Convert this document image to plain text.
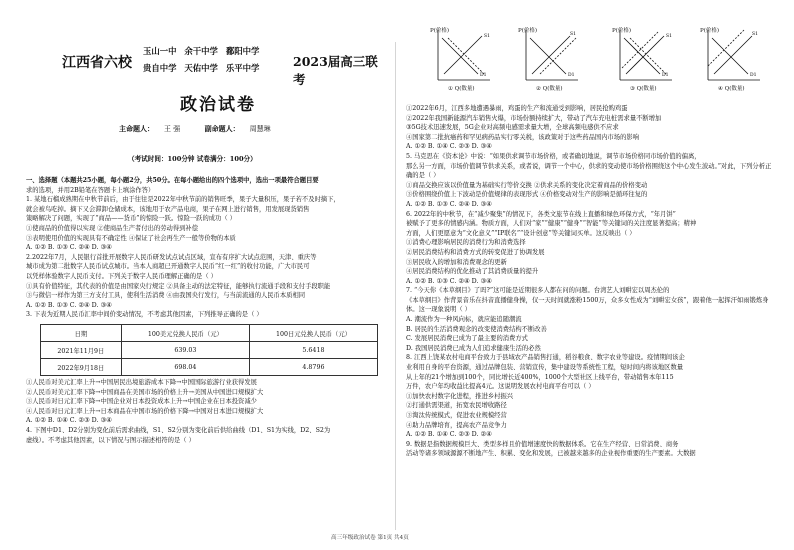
江西省六校
玉山一中 余干中学 鄱阳中学
贵自中学 天佑中学 乐平中学	2023届高三联考
政治试卷
主命题人： 王 强	副命题人： 周慧琳
（考试时间：100分钟 试卷满分：100分）

一、选择题（本题共25小题，每小题2分，共50分。在每小题给出的四个选项中，选出一项最符合题目要

求的选项，并用2B铅笔在答题卡上填涂作答）

1. 某地石榴成熟期在中秋节前后，由于往往是2022年中秋节前的销售旺季，果子大量积压，果子若不及时摘下，

就会被鸟吃掉。摘下又会滞卸仓储成本，该地用于农产品电商，果子在网上进行销售，用发展现货销售

策略解决了问题，实现了“商品——货币”的惊险一跃。惊险一跃的成功（ ）

①使商品的价值得以实现 ②使商品生产者付出的劳动得到补偿

③表明使用价值的实现具有不确定性 ④保证了社会再生产一般等价物的本质

A. ①② B. ①③ C. ②④ D. ③④

2.2022年7月，人民银行首批开展数字人民币研发试点试点区域，宣布有序扩大试点范围，天津、重庆等

城市成为第二批数字人民币试点城市。当本人商超已开通数字人民币“红一红”的收付功能，广大市民可

以凭样体验数字人民币支付。下列关于数字人民币理解正确的是（ ）

①具有价值特征，其代表的价值是由国家央行规定 ②具备主动的法定特征，能够执行流通手段和支付手段职能

③与微信一样作为第三方支付工具，使利生活消费 ④由我国央行发行，与当前流通的人民币本质相同

A. ①② B. ①③ C. ②④ D. ③④

3. 下表为近期人民币汇率中间价变动情况，不考虑其他因素，下列推导正确的是（ ）

日期	100美元兑换人民币（元）	100日元兑换人民币（元）
2021年11月9日	639.03	5.6418
2022年9月18日	698.04	4.8796

①人民币对美元汇率上升→中国居民出境旅游成本下降→中国国际旅游行业获得发展

②人民币对美元汇率下降→中国商品在美国市场的价格上升→美国从中国进口规模扩大

③人民币对日元汇率下降→中国企业对日本投资成本上升→中国企业在日本投资减少

④人民币对日元汇率上升→日本商品在中国市场的价格下降→中国对日本进口规模扩大

A. ①② B. ①④ C. ②③ D. ③④

4. 下图中D1、D2分别为变化前后需求曲线，S1、S2分别为变化前后供给曲线（D1、S1为实线，D2、S2为

虚线）。不考虑其他因素，以下情况与图示描述相符的是（ ）

D1
S1
P(价格)
① Q(数量)
D1
S1
P(价格)
② Q(数量)
D1
S1
P(价格)
③ Q(数量)
D1
S1
P(价格)
④ Q(数量)

①2022年6月，江西多地遭遇暴雨，鸡蛋的生产和流通受到影响，居民抢购鸡蛋

②2022年我国新能源汽车销售火爆，市场份额持续扩大，带动了汽车充电桩需求量不断增加

③5G技术迅速发展，5G企业对高频电感需求量大增，全球高频电感供不应求

④国家第二批抗癌药和罕见病药品实行零关税，该政策对于这些药品国内市场的影响

A. ①② B. ①④ C. ②③ D. ③④

5. 马克思在《资本论》中说：“如果供求调节市场价格，或者确切地说，调节市场价格同市场价值的偏离，

那么另一方面，市场价值调节供求关系，或者说，调节一个中心，供求的变动使市场价格围绕这个中心发生波动。”对此，下列分析正确的是（ ）

①商品交换应该以价值量为基础实行等价交换 ②供求关系的变化决定着商品的价格变动

③价格围绕价值上下波动是价值规律的表现形式 ④价格变动对生产的影响是循环往复的

A. ①② B. ①③ C. ②④ D. ③④

6. 2022年的中秋节，在“减少聚集”的情况下，各类文旅节在线上直播和绿色环保方式，“年月饼”

被赋予了更多的情感内涵。物质方面，人们对“家”“健康”“健身”“智能”等关键词的关注度显著提高；精神

方面，人们更愿意为“文化意义”“IP联名”“设计创意”等关键词买单。这反映出（ ）

①消费心理影响居民的消费行为和消费选择

②居民消费结构和消费方式的转变促进了协调发展

③居民收入的增加和消费观念的更新

④居民消费结构的优化推动了其消费质量的提升

A. ①② B. ①③ C. ②④ D. ③④

7. “今天你《本草纲目》了吗?”这可能是近期很多人都在问的问题。台湾艺人刘畊宏以周杰伦的

《本草纲目》作背景音乐在抖音直播健身操，仅一天时间就涨粉1500万，众多女性成为“刘畊宏女孩”，跟着他一起挥汗如雨锻炼身体。这一现象说明（ ）

A. 潮流作为一种风向标，就应能追随潮流

B. 居民的生活消费观念的改变使消费结构不断改善

C. 发展居民消费已成为了最主要的消费方式

D. 我国居民消费已成为人们追求健康生活的必然

8. 江西上饶某农村电商平台致力于县域农产品销售打通，稻谷粮食、数字农业等建设。疫情期间该企

业利用自身的平台资源，通过品牌包装、营销宣传，集中建设等系统性工程，短时间内将该地区数量

从上年的21个增加到100个，同比增长近400%，1000个大型社区上线平台，带动销售本年115

万件，农户年均收益比提高4元。这说明发展农村电商平台可以（ ）

①加快农村数字化进程，推进乡村振兴

②打通供需渠道，拓宽农民增收路径

③淘汰传统模式，促进农业规模经营

④助力品牌培育，提高农产品竞争力

A. ①② B. ①④ C. ②③ D. ②④

9. 数据是指数据规模巨大、类型多样且价值增速度快的数据体系。它在生产经营、日常消费、商务

活动等诸多领域源源不断地产生、积累、变化和发展，已被越来越多的企业视作重要的生产要素。大数据

高三年级政治试卷 第1页 共4页
